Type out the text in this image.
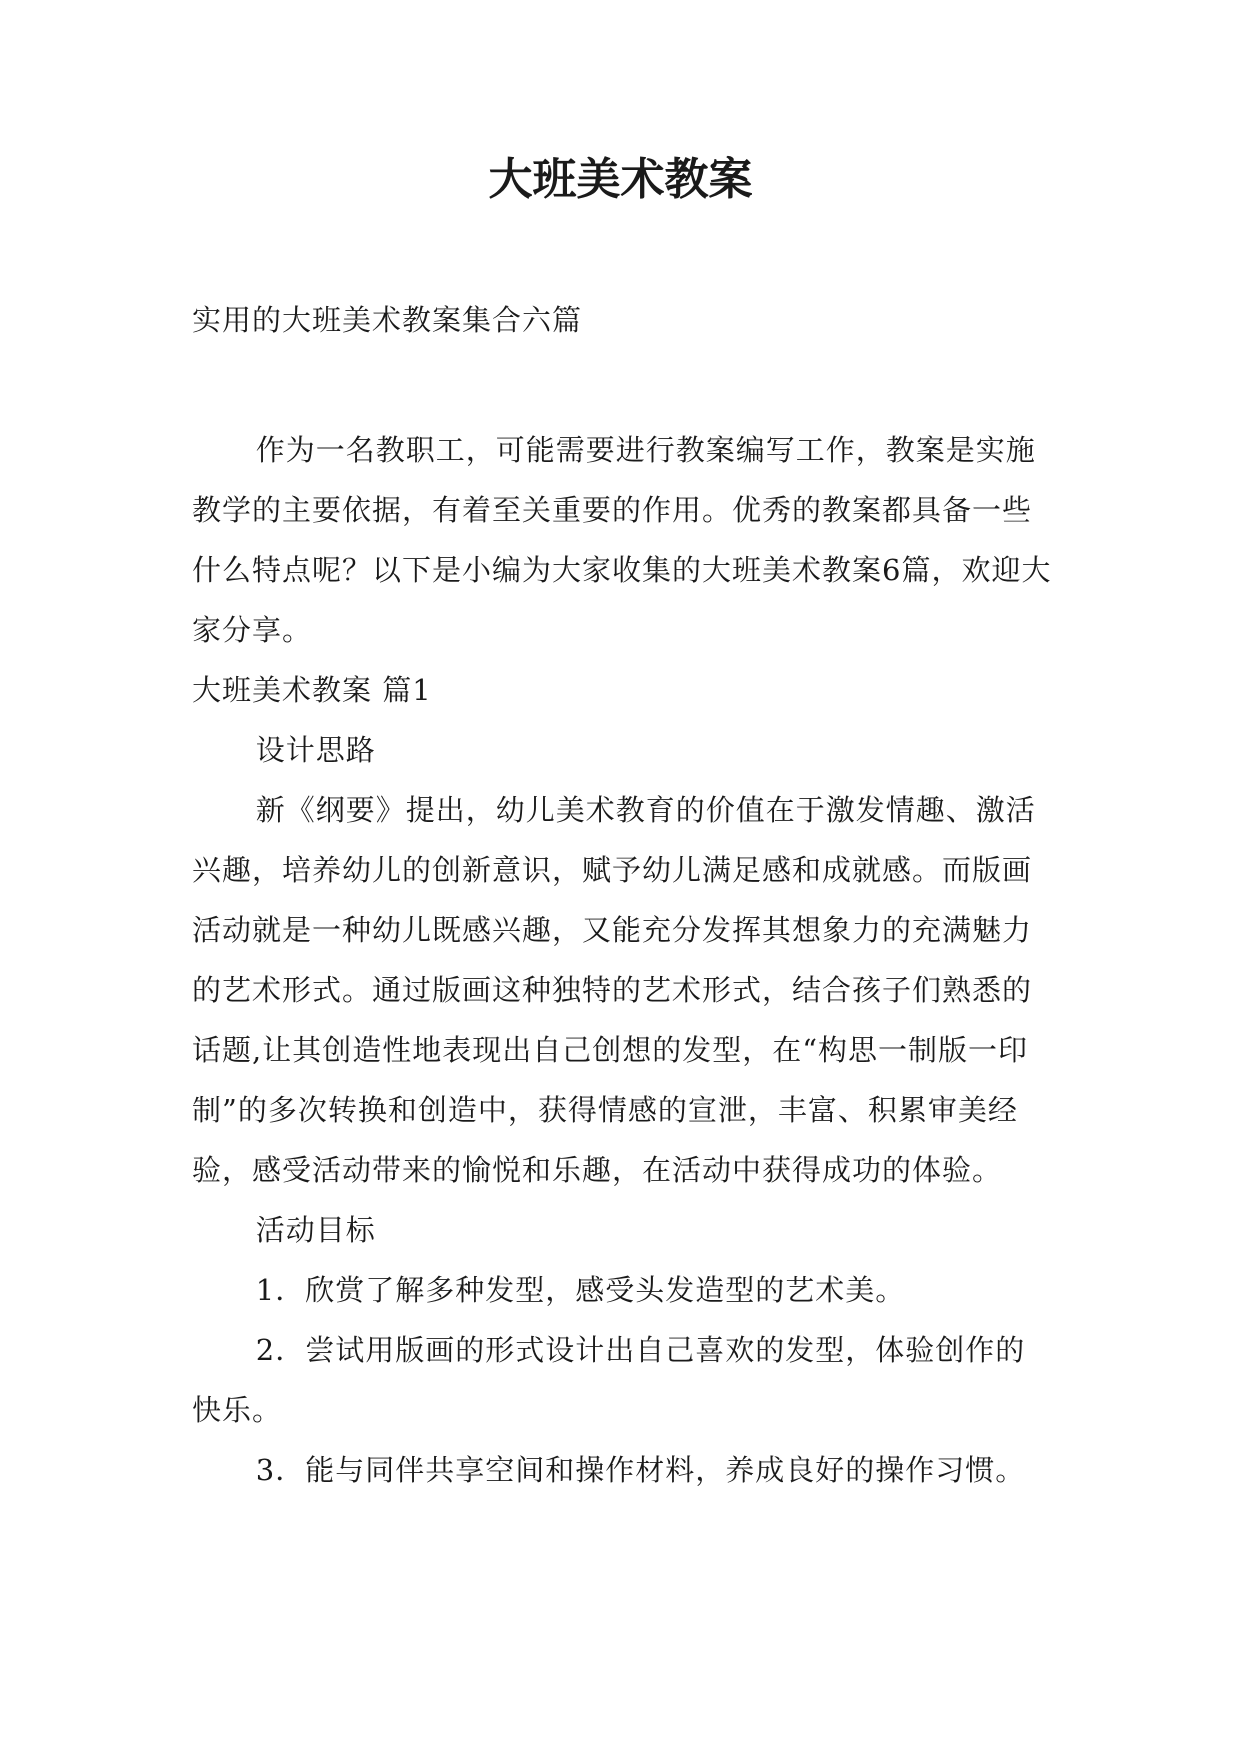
大班美术教案
实用的大班美术教案集合六篇

作为一名教职工，可能需要进行教案编写工作，教案是实施教学的主要依据，有着至关重要的作用。优秀的教案都具备一些什么特点呢？以下是小编为大家收集的大班美术教案6篇，欢迎大家分享。

大班美术教案 篇1

设计思路

新《纲要》提出，幼儿美术教育的价值在于激发情趣、激活兴趣，培养幼儿的创新意识，赋予幼儿满足感和成就感。而版画活动就是一种幼儿既感兴趣，又能充分发挥其想象力的充满魅力的艺术形式。通过版画这种独特的艺术形式，结合孩子们熟悉的话题,让其创造性地表现出自己创想的发型，在“构思一制版一印制”的多次转换和创造中，获得情感的宣泄，丰富、积累审美经验，感受活动带来的愉悦和乐趣，在活动中获得成功的体验。

活动目标

1．欣赏了解多种发型，感受头发造型的艺术美。

2．尝试用版画的形式设计出自己喜欢的发型，体验创作的快乐。

3．能与同伴共享空间和操作材料，养成良好的操作习惯。
